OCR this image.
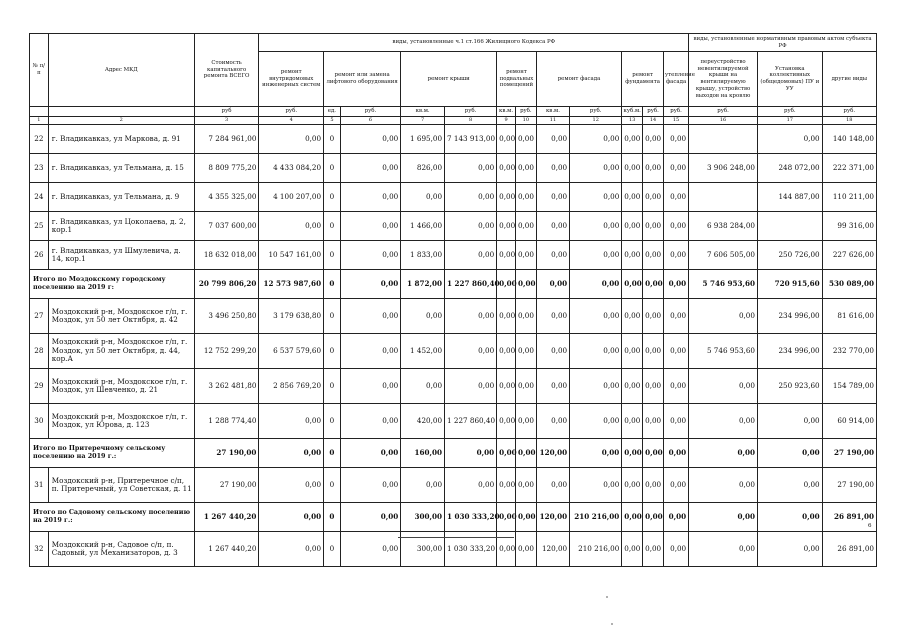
№ п/п	Адрес МКД	Стоимость капитального ремонта ВСЕГО	виды, установленные ч.1 ст.166 Жилищного Кодекса РФ												виды, установленные нормативным правовым актом субъекта РФ		
			ремонт внутридомовых инженерных систем	ремонт или замена лифтового оборудования		ремонт крыши		ремонт подвальных помещений		ремонт фасада		ремонт фундамента		утепление фасада	переустройство невентилируемой крыши на вентилируемую крышу, устройство выходов на кровлю	Установка коллективных (общедомовых) ПУ и УУ	другие виды
		руб	руб.	ед.	руб.	кв.м.	руб.	кв.м.	руб.	кв.м.	руб.	куб.м.	руб.	руб.	руб.	руб.	руб.
1	2	3	4	5	6	7	8	9	10	11	12	13	14	15	16	17	18
22	г. Владикавказ, ул Маркова, д. 91	7 284 961,00	0,00	0	0,00	1 695,00	7 143 913,00	0,00	0,00	0,00	0,00	0,00	0,00	0,00		0,00	140 148,00
23	г. Владикавказ, ул Тельмана, д. 15	8 809 775,20	4 433 084,20	0	0,00	826,00	0,00	0,00	0,00	0,00	0,00	0,00	0,00	0,00	3 906 248,00	248 072,00	222 371,00
24	г. Владикавказ, ул Тельмана, д. 9	4 355 325,00	4 100 207,00	0	0,00	0,00	0,00	0,00	0,00	0,00	0,00	0,00	0,00	0,00		144 887,00	110 211,00
25	г. Владикавказ, ул Цоколаева, д. 2, кор.1	7 037 600,00	0,00	0	0,00	1 466,00	0,00	0,00	0,00	0,00	0,00	0,00	0,00	0,00	6 938 284,00		99 316,00
26	г. Владикавказ, ул Шмулевича, д. 14, кор.1	18 632 018,00	10 547 161,00	0	0,00	1 833,00	0,00	0,00	0,00	0,00	0,00	0,00	0,00	0,00	7 606 505,00	250 726,00	227 626,00
Итого по Моздокскому городскому поселению на 2019 г:		20 799 806,20	12 573 987,60	0	0,00	1 872,00	1 227 860,40	0,00	0,00	0,00	0,00	0,00	0,00	0,00	5 746 953,60	720 915,60	530 089,00
27	Моздокский р-н, Моздокское г/п, г. Моздок, ул 50 лет Октября, д. 42	3 496 250,80	3 179 638,80	0	0,00	0,00	0,00	0,00	0,00	0,00	0,00	0,00	0,00	0,00	0,00	234 996,00	81 616,00
28	Моздокский р-н, Моздокское г/п, г. Моздок, ул 50 лет Октября, д. 44, кор.А	12 752 299,20	6 537 579,60	0	0,00	1 452,00	0,00	0,00	0,00	0,00	0,00	0,00	0,00	0,00	5 746 953,60	234 996,00	232 770,00
29	Моздокский р-н, Моздокское г/п, г. Моздок, ул Шевченко, д. 21	3 262 481,80	2 856 769,20	0	0,00	0,00	0,00	0,00	0,00	0,00	0,00	0,00	0,00	0,00	0,00	250 923,60	154 789,00
30	Моздокский р-н, Моздокское г/п, г. Моздок, ул Юрова, д. 123	1 288 774,40	0,00	0	0,00	420,00	1 227 860,40	0,00	0,00	0,00	0,00	0,00	0,00	0,00	0,00	0,00	60 914,00
Итого по Притеречному сельскому поселению на 2019 г.:		27 190,00	0,00	0	0,00	160,00	0,00	0,00	0,00	120,00	0,00	0,00	0,00	0,00	0,00	0,00	27 190,00
31	Моздокский р-н, Притеречное с/п, п. Притеречный, ул Советская, д. 11	27 190,00	0,00	0	0,00	0,00	0,00	0,00	0,00	0,00	0,00	0,00	0,00	0,00	0,00	0,00	27 190,00
Итого по Садовому сельскому поселению на 2019 г.:		1 267 440,20	0,00	0	0,00	300,00	1 030 333,20	0,00	0,00	120,00	210 216,00	0,00	0,00	0,00	0,00	0,00	26 891,00
32	Моздокский р-н, Садовое с/п, п. Садовый, ул Механизаторов, д. 3	1 267 440,20	0,00	0	0,00	300,00	1 030 333,20	0,00	0,00	120,00	210 216,00	0,00	0,00	0,00	0,00	0,00	26 891,00
6
